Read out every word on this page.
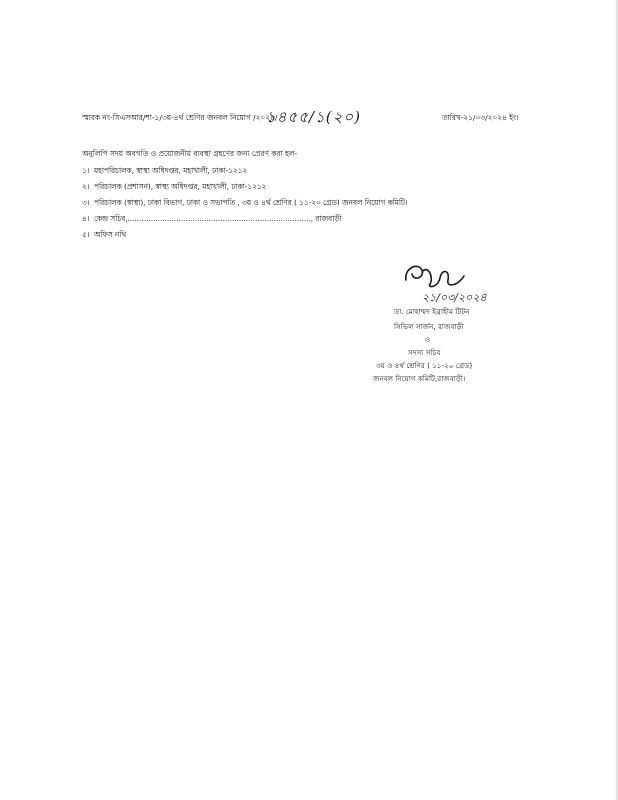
স্মারক নং-সিএসআর/শা-১/৩য়-৪র্থ শ্রেণির জনবল নিয়োগ /২০২৪/
১৪৫৫/১(২০)	তারিখ-২১/০৩/২০২৪ ইং।
অনুলিপি সদয় অবগতি ও প্রয়োজনীয় ব্যবস্থা গ্রহণের জন্য প্রেরণ করা হল-
১। মহাপরিচালক, স্বাস্থ্য অধিদপ্তর, মহাখালী, ঢাকা-১২১২
২। পরিচালক (প্রশাসন), স্বাস্থ্য অধিদপ্তর, মহাখালী, ঢাকা-১২১২
৩। পরিচালক (স্বাস্থ্য), ঢাকা বিভাগ, ঢাকা ও সভাপতি , ৩য় ও ৪র্থ শ্রেণির ( ১১-২০ গ্রেড) জনবল নিয়োগ কমিটি।
৪। কেন্দ্র সচিব,..............................................................................., রাজবাড়ী
৫। অফিস নথি
২১/০৩/২০২৪
ডা. মোহাম্মদ ইব্রাহীম টিটন
সিভিল সার্জন, রাজবাড়ী
ও
সদস্য সচিব
৩য় ও ৪র্থ শ্রেণির ( ১১-২০ গ্রেড)
জনবল নিয়োগ কমিটি,রাজবাড়ী।
